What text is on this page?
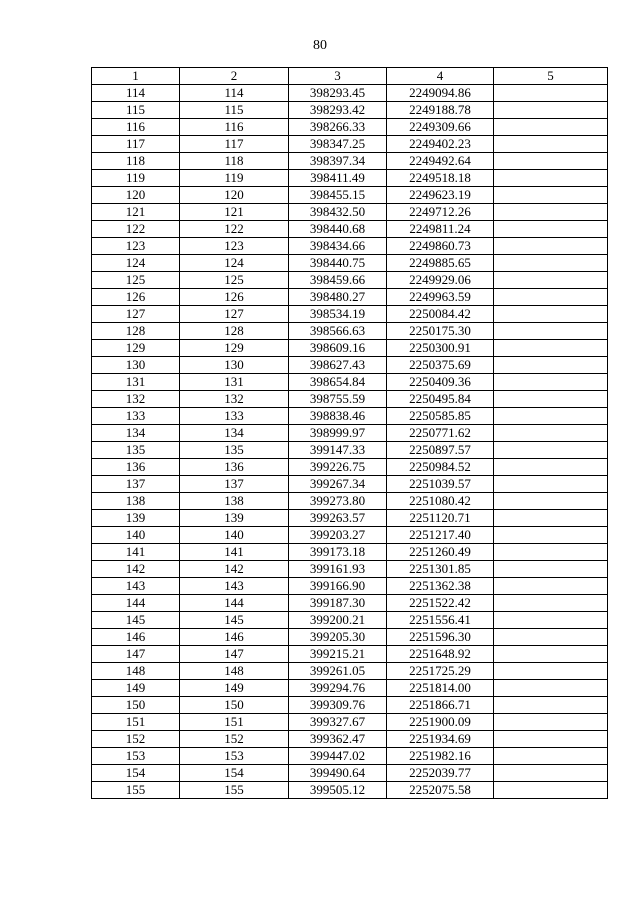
80
1	2	3	4	5
114	114	398293.45	2249094.86	
115	115	398293.42	2249188.78	
116	116	398266.33	2249309.66	
117	117	398347.25	2249402.23	
118	118	398397.34	2249492.64	
119	119	398411.49	2249518.18	
120	120	398455.15	2249623.19	
121	121	398432.50	2249712.26	
122	122	398440.68	2249811.24	
123	123	398434.66	2249860.73	
124	124	398440.75	2249885.65	
125	125	398459.66	2249929.06	
126	126	398480.27	2249963.59	
127	127	398534.19	2250084.42	
128	128	398566.63	2250175.30	
129	129	398609.16	2250300.91	
130	130	398627.43	2250375.69	
131	131	398654.84	2250409.36	
132	132	398755.59	2250495.84	
133	133	398838.46	2250585.85	
134	134	398999.97	2250771.62	
135	135	399147.33	2250897.57	
136	136	399226.75	2250984.52	
137	137	399267.34	2251039.57	
138	138	399273.80	2251080.42	
139	139	399263.57	2251120.71	
140	140	399203.27	2251217.40	
141	141	399173.18	2251260.49	
142	142	399161.93	2251301.85	
143	143	399166.90	2251362.38	
144	144	399187.30	2251522.42	
145	145	399200.21	2251556.41	
146	146	399205.30	2251596.30	
147	147	399215.21	2251648.92	
148	148	399261.05	2251725.29	
149	149	399294.76	2251814.00	
150	150	399309.76	2251866.71	
151	151	399327.67	2251900.09	
152	152	399362.47	2251934.69	
153	153	399447.02	2251982.16	
154	154	399490.64	2252039.77	
155	155	399505.12	2252075.58	
